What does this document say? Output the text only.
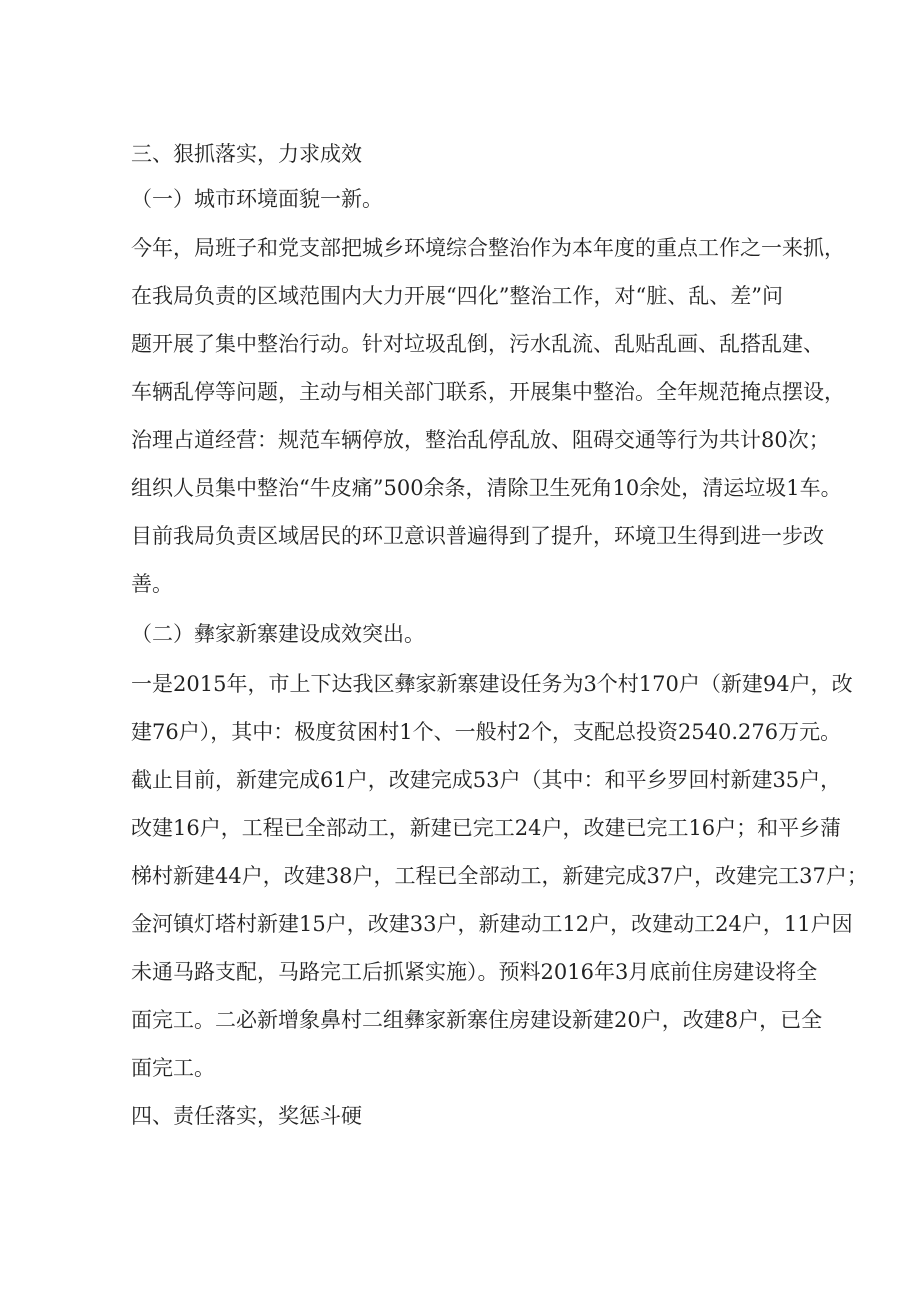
三、狠抓落实，力求成效
（一）城市环境面貌一新。
今年，局班子和党支部把城乡环境综合整治作为本年度的重点工作之一来抓，
在我局负责的区域范围内大力开展“四化”整治工作，对“脏、乱、差”问
题开展了集中整治行动。针对垃圾乱倒，污水乱流、乱贴乱画、乱搭乱建、
车辆乱停等问题，主动与相关部门联系，开展集中整治。全年规范掩点摆设，
治理占道经营：规范车辆停放，整治乱停乱放、阻碍交通等行为共计80次；
组织人员集中整治“牛皮痛”500余条，清除卫生死角10余处，清运垃圾1车。
目前我局负责区域居民的环卫意识普遍得到了提升，环境卫生得到进一步改
善。
（二）彝家新寨建设成效突出。
一是2015年，市上下达我区彝家新寨建设任务为3个村170户（新建94户，改
建76户），其中：极度贫困村1个、一般村2个，支配总投资2540.276万元。
截止目前，新建完成61户，改建完成53户（其中：和平乡罗回村新建35户，
改建16户，工程已全部动工，新建已完工24户，改建已完工16户；和平乡蒲
梯村新建44户，改建38户，工程已全部动工，新建完成37户，改建完工37户；
金河镇灯塔村新建15户，改建33户，新建动工12户，改建动工24户，11户因
未通马路支配，马路完工后抓紧实施）。预料2016年3月底前住房建设将全
面完工。二必新增象鼻村二组彝家新寨住房建设新建20户，改建8户，已全
面完工。
四、责任落实，奖惩斗硬
